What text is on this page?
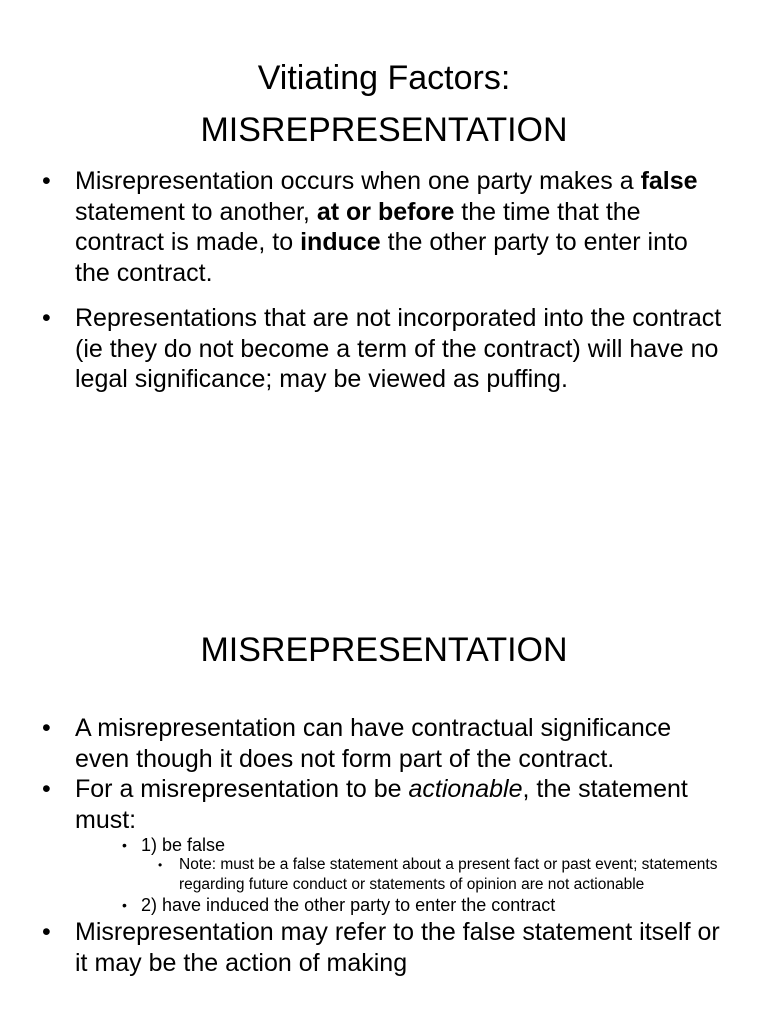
Vitiating Factors:
MISREPRESENTATION
• Misrepresentation occurs when one party makes a false statement to another, at or before the time that the contract is made, to induce the other party to enter into the contract.
• Representations that are not incorporated into the contract (ie they do not become a term of the contract) will have no legal significance; may be viewed as puffing.
MISREPRESENTATION
• A misrepresentation can have contractual significance even though it does not form part of the contract.
• For a misrepresentation to be actionable, the statement must:
• 1) be false
• Note: must be a false statement about a present fact or past event; statements regarding future conduct or statements of opinion are not actionable
• 2) have induced the other party to enter the contract
• Misrepresentation may refer to the false statement itself or it may be the action of making
